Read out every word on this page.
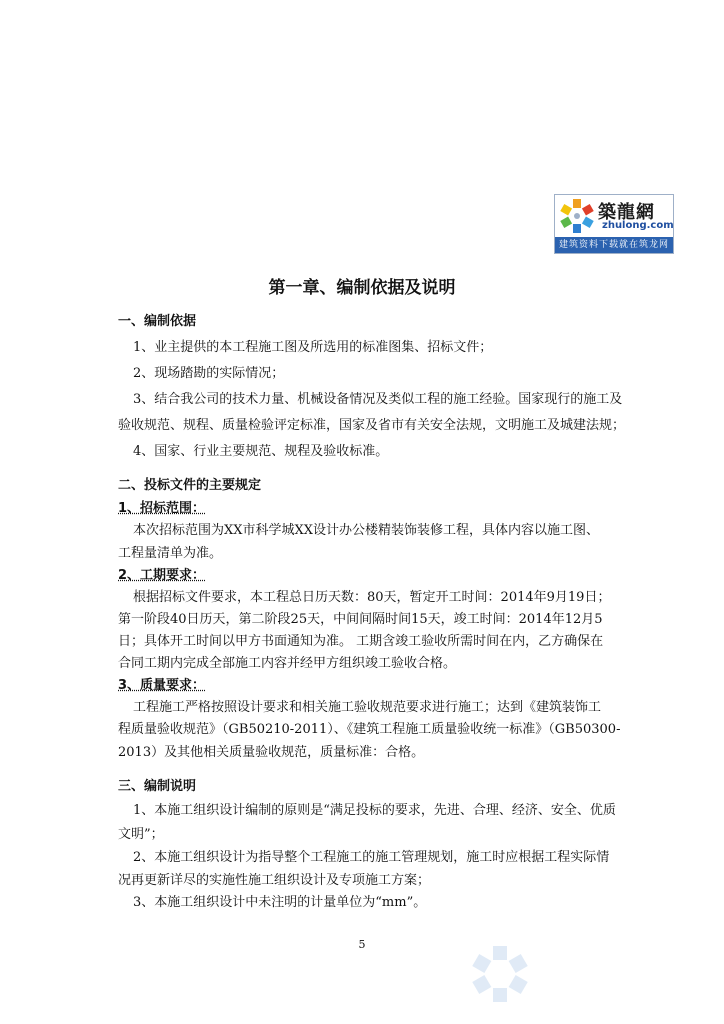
築龍網
zhulong.com
建筑资料下载就在筑龙网
第一章、编制依据及说明
一、编制依据
1、业主提供的本工程施工图及所选用的标准图集、招标文件；
2、现场踏勘的实际情况；
3、结合我公司的技术力量、机械设备情况及类似工程的施工经验。国家现行的施工及
验收规范、规程、质量检验评定标准，国家及省市有关安全法规，文明施工及城建法规；
4、国家、行业主要规范、规程及验收标准。
二、投标文件的主要规定
1、招标范围：
本次招标范围为XX市科学城XX设计办公楼精装饰装修工程，具体内容以施工图、
工程量清单为准。
2、工期要求：
根据招标文件要求，本工程总日历天数：80天，暂定开工时间：2014年9月19日；
第一阶段40日历天，第二阶段25天，中间间隔时间15天，竣工时间：2014年12月5
日；具体开工时间以甲方书面通知为准。 工期含竣工验收所需时间在内，乙方确保在
合同工期内完成全部施工内容并经甲方组织竣工验收合格。
3、质量要求：
工程施工严格按照设计要求和相关施工验收规范要求进行施工；达到《建筑装饰工
程质量验收规范》（GB50210-2011）、《建筑工程施工质量验收统一标准》（GB50300-
2013）及其他相关质量验收规范，质量标准：合格。
三、编制说明
1、本施工组织设计编制的原则是“满足投标的要求，先进、合理、经济、安全、优质
文明”；
2、本施工组织设计为指导整个工程施工的施工管理规划，施工时应根据工程实际情
况再更新详尽的实施性施工组织设计及专项施工方案；
3、本施工组织设计中未注明的计量单位为“mm”。
5
